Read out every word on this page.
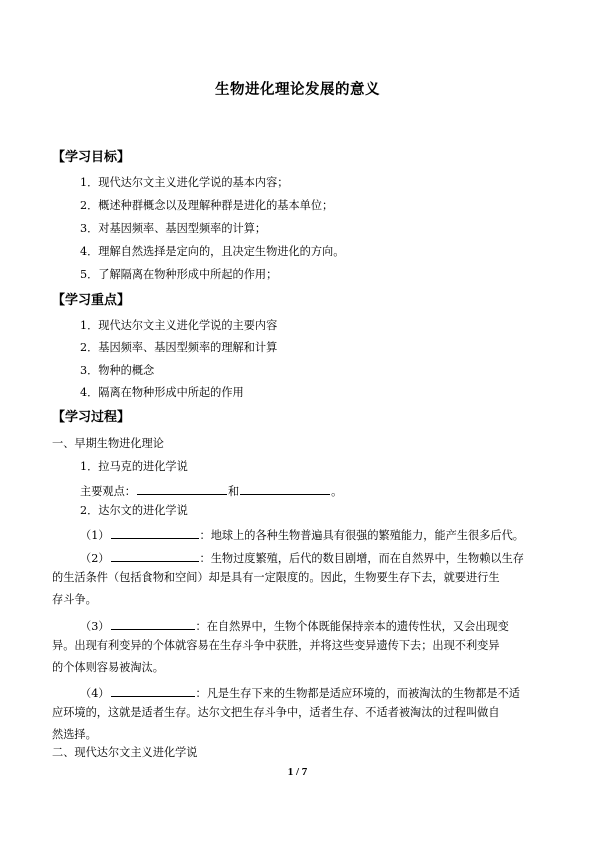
生物进化理论发展的意义
【学习目标】
1．现代达尔文主义进化学说的基本内容；
2．概述种群概念以及理解种群是进化的基本单位；
3．对基因频率、基因型频率的计算；
4．理解自然选择是定向的，且决定生物进化的方向。
5．了解隔离在物种形成中所起的作用；
【学习重点】
1．现代达尔文主义进化学说的主要内容
2．基因频率、基因型频率的理解和计算
3．物种的概念
4．隔离在物种形成中所起的作用
【学习过程】
一、早期生物进化理论
1．拉马克的进化学说
主要观点：	和	。
2．达尔文的进化学说
（1）	：地球上的各种生物普遍具有很强的繁殖能力，能产生很多后代。
（2）	：生物过度繁殖，后代的数目剧增，而在自然界中，生物赖以生存
的生活条件（包括食物和空间）却是具有一定限度的。因此，生物要生存下去，就要进行生
存斗争。
（3）	：在自然界中，生物个体既能保持亲本的遗传性状，又会出现变
异。出现有利变异的个体就容易在生存斗争中获胜，并将这些变异遗传下去；出现不利变异
的个体则容易被淘汰。
（4）	：凡是生存下来的生物都是适应环境的，而被淘汰的生物都是不适
应环境的，这就是适者生存。达尔文把生存斗争中，适者生存、不适者被淘汰的过程叫做自
然选择。
二、现代达尔文主义进化学说
1 / 7
